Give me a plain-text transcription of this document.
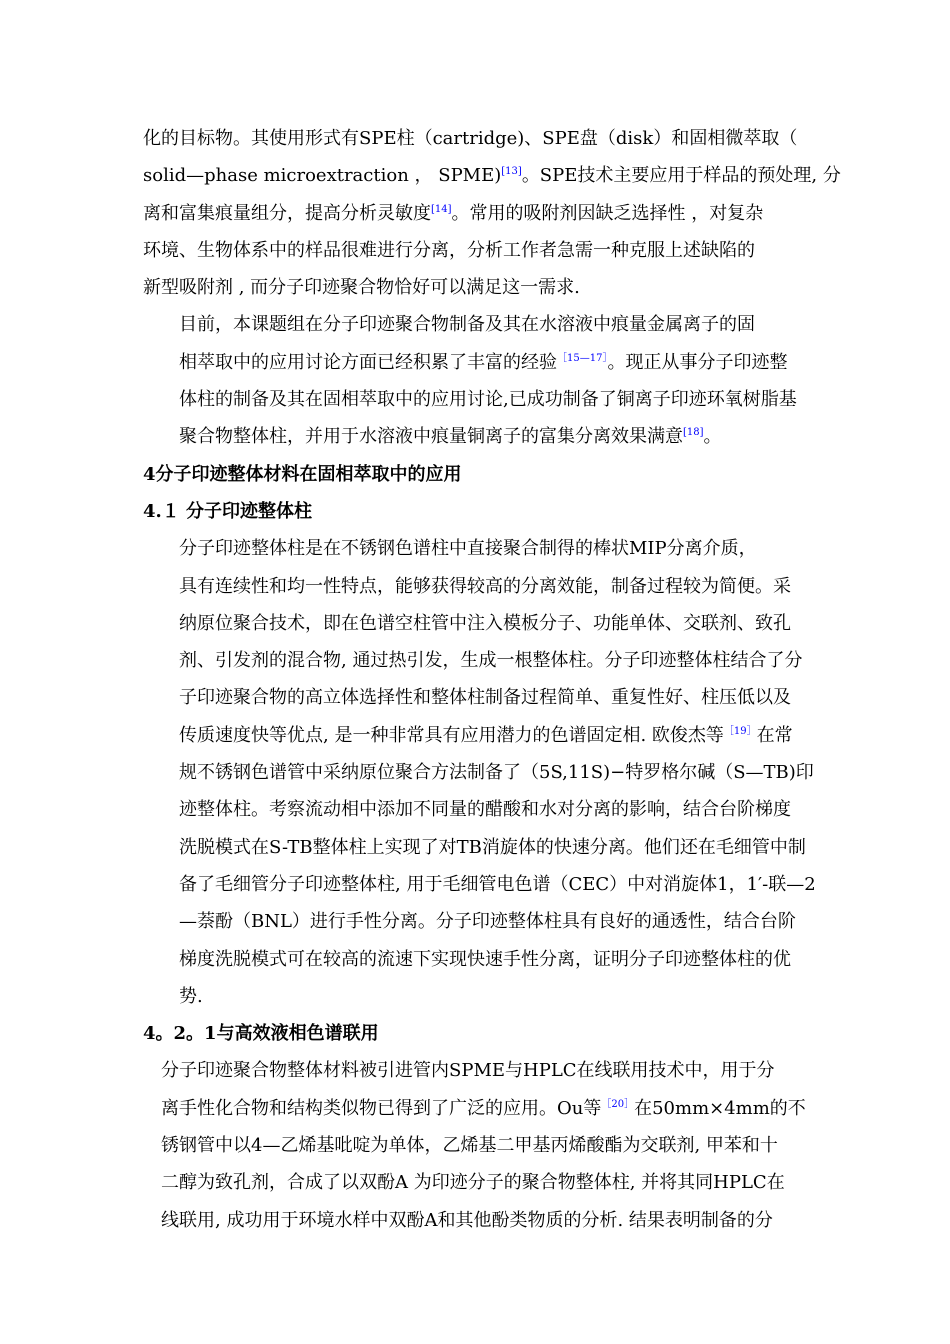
化的目标物。其使用形式有SPE柱（cartridge)、SPE盘（disk）和固相微萃取（
solid—phase microextraction ， SPME)[13]。SPE技术主要应用于样品的预处理, 分
离和富集痕量组分，提高分析灵敏度[14]。常用的吸附剂因缺乏选择性 ，对复杂
环境、生物体系中的样品很难进行分离，分析工作者急需一种克服上述缺陷的
新型吸附剂 , 而分子印迹聚合物恰好可以满足这一需求.

目前，本课题组在分子印迹聚合物制备及其在水溶液中痕量金属离子的固
相萃取中的应用讨论方面已经积累了丰富的经验$^{[15—17]}$。现正从事分子印迹整
体柱的制备及其在固相萃取中的应用讨论,已成功制备了铜离子印迹环氧树脂基
聚合物整体柱，并用于水溶液中痕量铜离子的富集分离效果满意[18]。

4分子印迹整体材料在固相萃取中的应用

4.１ 分子印迹整体柱

分子印迹整体柱是在不锈钢色谱柱中直接聚合制得的棒状MIP分离介质，
具有连续性和均一性特点，能够获得较高的分离效能，制备过程较为简便。采
纳原位聚合技术，即在色谱空柱管中注入模板分子、功能单体、交联剂、致孔
剂、引发剂的混合物, 通过热引发，生成一根整体柱。分子印迹整体柱结合了分
子印迹聚合物的高立体选择性和整体柱制备过程简单、重复性好、柱压低以及
传质速度快等优点, 是一种非常具有应用潜力的色谱固定相. 欧俊杰等$^{[19]}$在常
规不锈钢色谱管中采纳原位聚合方法制备了（5S,11S)−特罗格尔碱（S—TB)印
迹整体柱。考察流动相中添加不同量的醋酸和水对分离的影响，结合台阶梯度
洗脱模式在S-TB整体柱上实现了对TB消旋体的快速分离。他们还在毛细管中制
备了毛细管分子印迹整体柱, 用于毛细管电色谱（CEC）中对消旋体1，1′-联—2
—萘酚（BNL）进行手性分离。分子印迹整体柱具有良好的通透性，结合台阶
梯度洗脱模式可在较高的流速下实现快速手性分离，证明分子印迹整体柱的优
势.

4。2。1与高效液相色谱联用

分子印迹聚合物整体材料被引进管内SPME与HPLC在线联用技术中，用于分
离手性化合物和结构类似物已得到了广泛的应用。Ou等$^{[20]}$在50mm×4mm的不
锈钢管中以4—乙烯基吡啶为单体，乙烯基二甲基丙烯酸酯为交联剂, 甲苯和十
二醇为致孔剂，合成了以双酚A 为印迹分子的聚合物整体柱, 并将其同HPLC在
线联用, 成功用于环境水样中双酚A和其他酚类物质的分析. 结果表明制备的分
